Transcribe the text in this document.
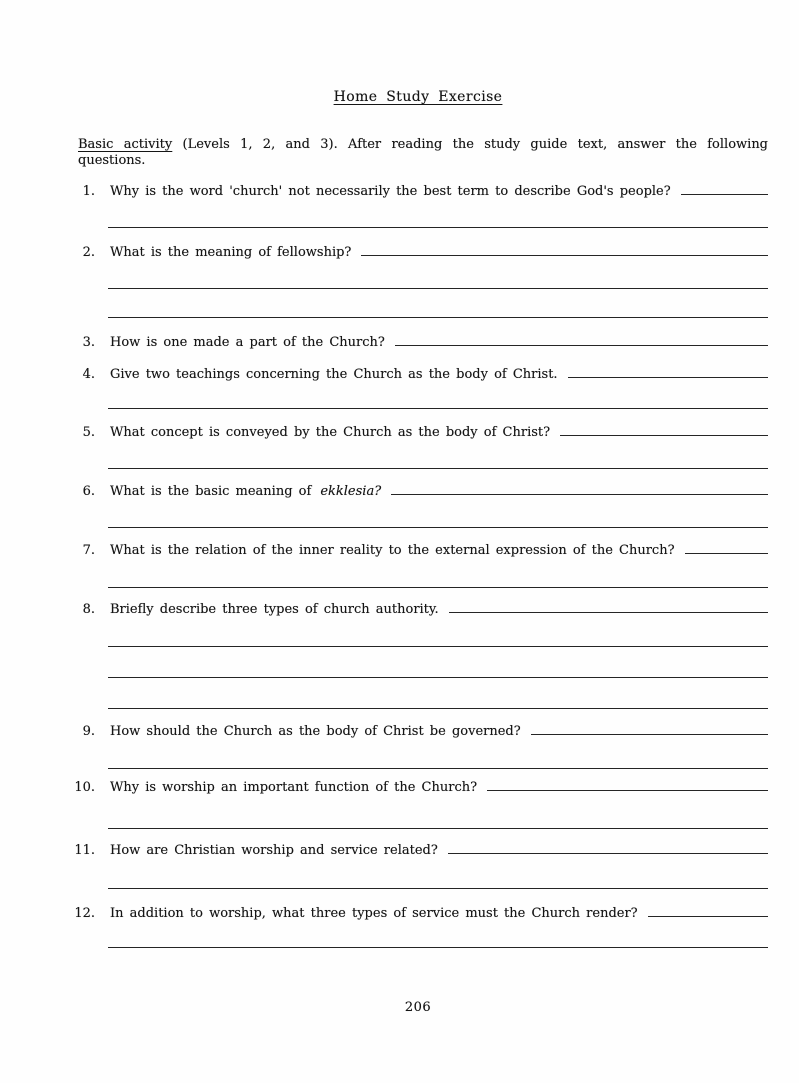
Home Study Exercise
Basic activity (Levels 1, 2, and 3). After reading the study guide text, answer the following
questions.
1. Why is the word 'church' not necessarily the best term to describe God's people?
2. What is the meaning of fellowship?
3. How is one made a part of the Church?
4. Give two teachings concerning the Church as the body of Christ.
5. What concept is conveyed by the Church as the body of Christ?
6. What is the basic meaning of ekklesia?
7. What is the relation of the inner reality to the external expression of the Church?
8. Briefly describe three types of church authority.
9. How should the Church as the body of Christ be governed?
10. Why is worship an important function of the Church?
11. How are Christian worship and service related?
12. In addition to worship, what three types of service must the Church render?
206
